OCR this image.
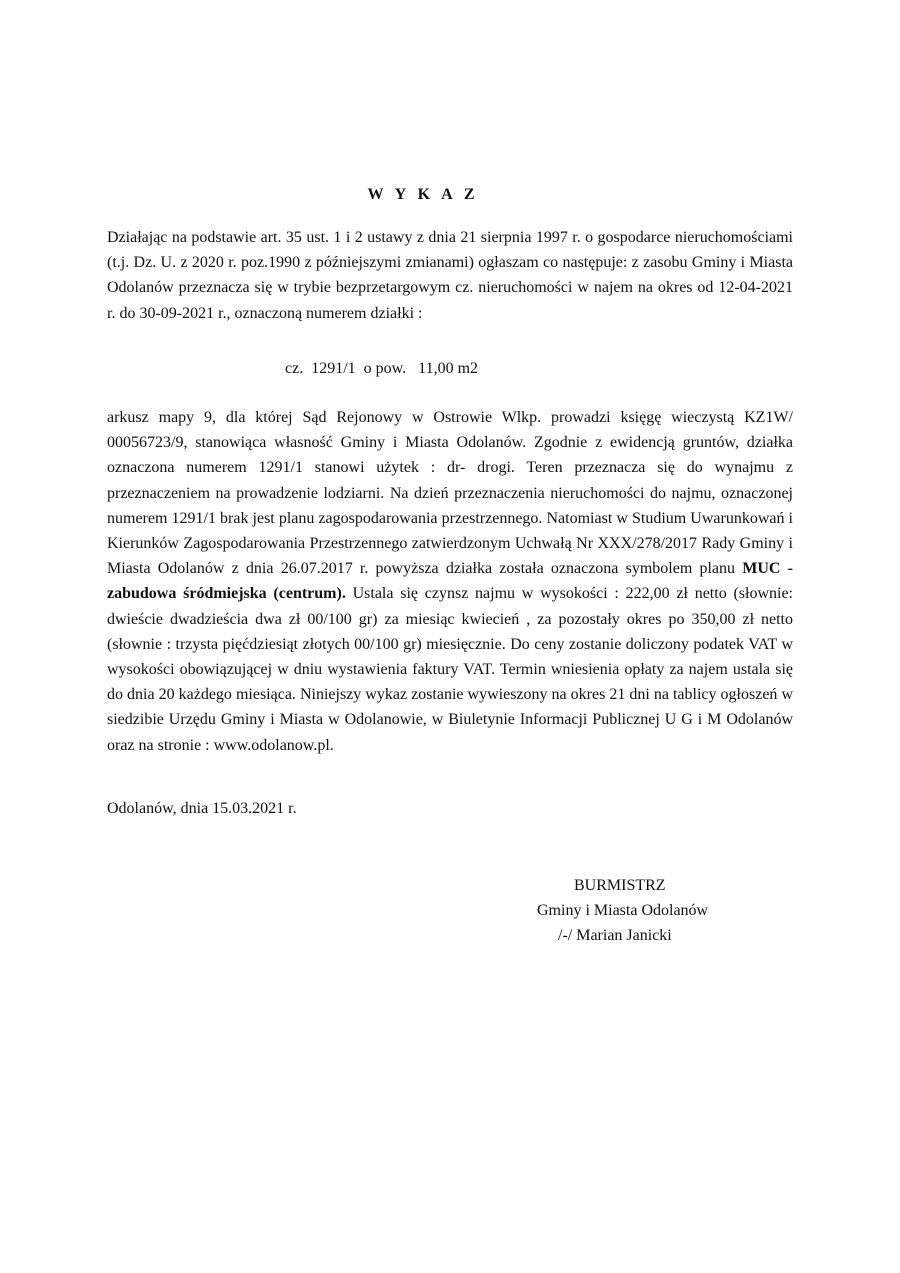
W Y K A Z

Działając na podstawie art. 35 ust. 1 i 2 ustawy z dnia 21 sierpnia 1997 r. o gospodarce nieruchomościami (t.j. Dz. U. z 2020 r. poz.1990 z późniejszymi zmianami) ogłaszam co następuje: z zasobu Gminy i Miasta Odolanów przeznacza się w trybie bezprzetargowym cz. nieruchomości w najem na okres od 12-04-2021 r. do 30-09-2021 r., oznaczoną numerem działki :

cz.  1291/1  o pow.   11,00 m2

arkusz mapy 9, dla której Sąd Rejonowy w Ostrowie Wlkp. prowadzi księgę wieczystą KZ1W/ 00056723/9, stanowiąca własność Gminy i Miasta Odolanów. Zgodnie z ewidencją gruntów, działka oznaczona numerem 1291/1 stanowi użytek : dr- drogi. Teren przeznacza się do wynajmu z przeznaczeniem na prowadzenie lodziarni. Na dzień przeznaczenia nieruchomości do najmu, oznaczonej numerem 1291/1 brak jest planu zagospodarowania przestrzennego. Natomiast w Studium Uwarunkowań i Kierunków Zagospodarowania Przestrzennego zatwierdzonym Uchwałą Nr XXX/278/2017 Rady Gminy i Miasta Odolanów z dnia 26.07.2017 r. powyższa działka została oznaczona symbolem planu MUC - zabudowa śródmiejska (centrum). Ustala się czynsz najmu w wysokości : 222,00 zł netto (słownie: dwieście dwadzieścia dwa zł 00/100 gr) za miesiąc kwiecień , za pozostały okres po 350,00 zł netto (słownie : trzysta pięćdziesiąt złotych 00/100 gr) miesięcznie. Do ceny zostanie doliczony podatek VAT w wysokości obowiązującej w dniu wystawienia faktury VAT. Termin wniesienia opłaty za najem ustala się do dnia 20 każdego miesiąca. Niniejszy wykaz zostanie wywieszony na okres 21 dni na tablicy ogłoszeń w siedzibie Urzędu Gminy i Miasta w Odolanowie, w Biuletynie Informacji Publicznej U G i M Odolanów oraz na stronie : www.odolanow.pl.

Odolanów, dnia 15.03.2021 r.
BURMISTRZ
Gminy i Miasta Odolanów
/-/ Marian Janicki
